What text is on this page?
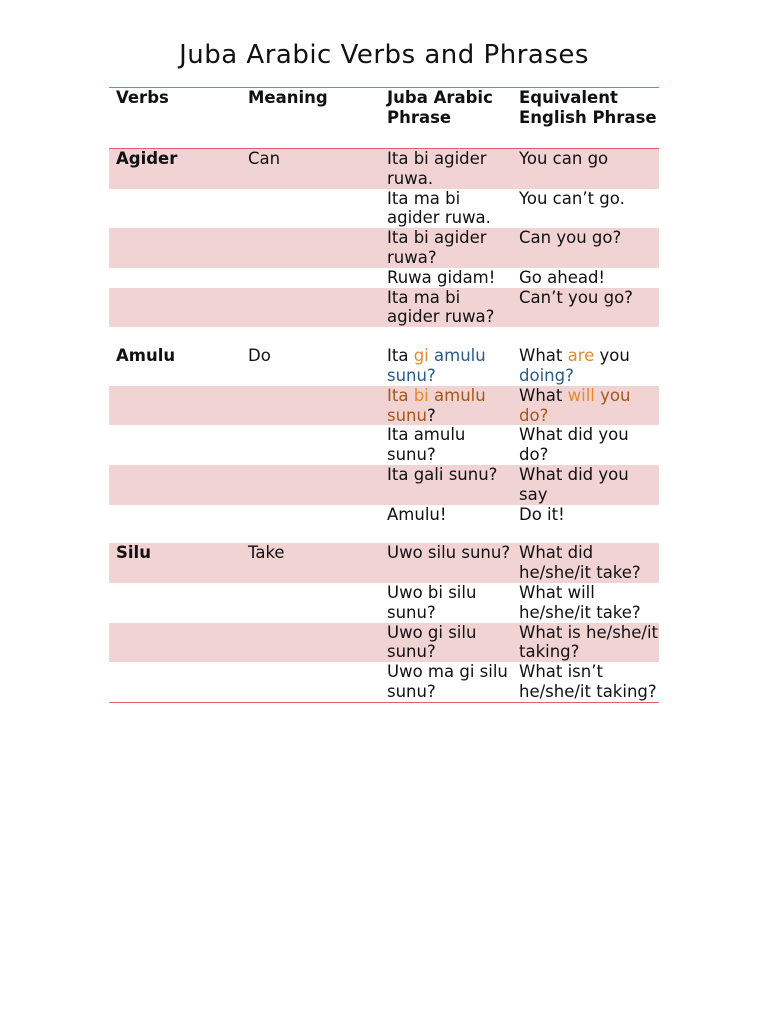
Juba Arabic Verbs and Phrases
Verbs	Meaning	Juba Arabic Phrase	Equivalent English Phrase
Agider	Can	Ita bi agider ruwa.	You can go
		Ita ma bi agider ruwa.	You can’t go.
		Ita bi agider ruwa?	Can you go?
		Ruwa gidam!	Go ahead!
		Ita ma bi agider ruwa?	Can’t you go?

Amulu	Do	Ita gi amulu sunu?	What are you doing?
		Ita bi amulu sunu?	What will you do?
		Ita amulu sunu?	What did you do?
		Ita gali sunu?	What did you say
		Amulu!	Do it!

Silu	Take	Uwo silu sunu?	What did he/she/it take?
		Uwo bi silu sunu?	What will he/she/it take?
		Uwo gi silu sunu?	What is he/she/it taking?
		Uwo ma gi silu sunu?	What isn’t he/she/it taking?
